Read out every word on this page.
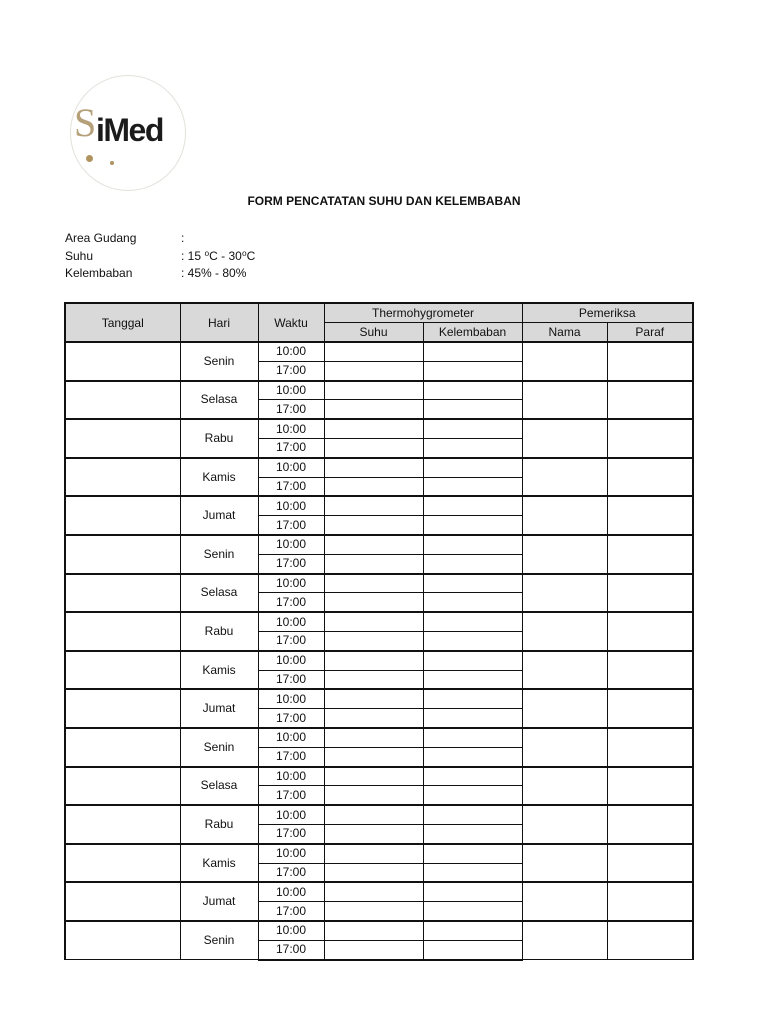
S iMed
FORM PENCATATAN SUHU DAN KELEMBABAN
Area Gudang	:
Suhu	: 15 ⁰C - 30⁰C
Kelembaban	: 45% - 80%
Tanggal	Hari	Waktu	Thermohygrometer		Pemeriksa	
			Suhu	Kelembaban	Nama	Paraf
	Senin	10:00				
		17:00				
	Selasa	10:00				
		17:00				
	Rabu	10:00				
		17:00				
	Kamis	10:00				
		17:00				
	Jumat	10:00				
		17:00				
	Senin	10:00				
		17:00				
	Selasa	10:00				
		17:00				
	Rabu	10:00				
		17:00				
	Kamis	10:00				
		17:00				
	Jumat	10:00				
		17:00				
	Senin	10:00				
		17:00				
	Selasa	10:00				
		17:00				
	Rabu	10:00				
		17:00				
	Kamis	10:00				
		17:00				
	Jumat	10:00				
		17:00				
	Senin	10:00				
		17:00				
